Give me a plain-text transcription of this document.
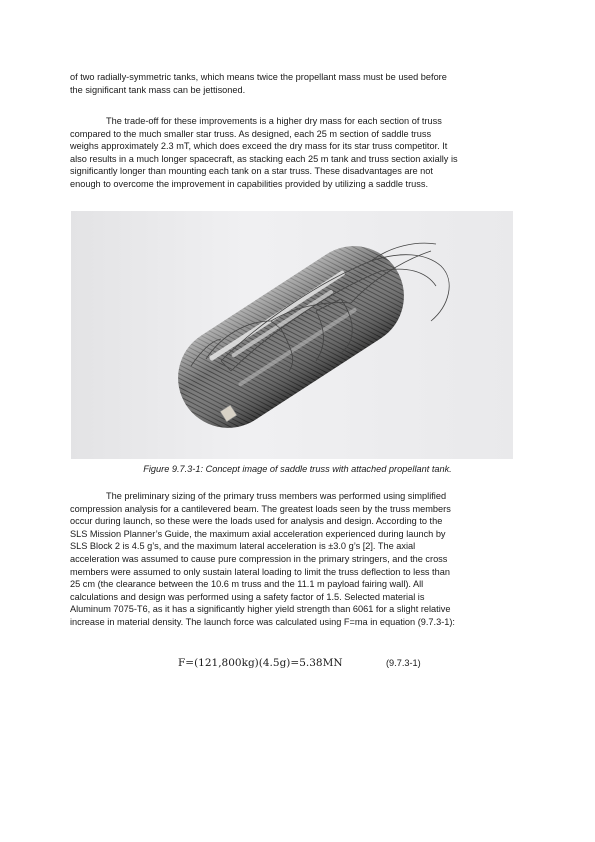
of two radially-symmetric tanks, which means twice the propellant mass must be used before
the significant tank mass can be jettisoned.

The trade-off for these improvements is a higher dry mass for each section of truss
compared to the much smaller star truss. As designed, each 25 m section of saddle truss
weighs approximately 2.3 mT, which does exceed the dry mass for its star truss competitor. It
also results in a much longer spacecraft, as stacking each 25 m tank and truss section axially is
significantly longer than mounting each tank on a star truss. These disadvantages are not
enough to overcome the improvement in capabilities provided by utilizing a saddle truss.

Figure 9.7.3-1: Concept image of saddle truss with attached propellant tank.

The preliminary sizing of the primary truss members was performed using simplified
compression analysis for a cantilevered beam. The greatest loads seen by the truss members
occur during launch, so these were the loads used for analysis and design. According to the
SLS Mission Planner’s Guide, the maximum axial acceleration experienced during launch by
SLS Block 2 is 4.5 g’s, and the maximum lateral acceleration is ±3.0 g’s [2]. The axial
acceleration was assumed to cause pure compression in the primary stringers, and the cross
members were assumed to only sustain lateral loading to limit the truss deflection to less than
25 cm (the clearance between the 10.6 m truss and the 11.1 m payload fairing wall). All
calculations and design was performed using a safety factor of 1.5. Selected material is
Aluminum 7075-T6, as it has a significantly higher yield strength than 6061 for a slight relative
increase in material density. The launch force was calculated using F=ma in equation (9.7.3-1):

F=(121,800kg)(4.5g)=5.38MN	(9.7.3-1)
